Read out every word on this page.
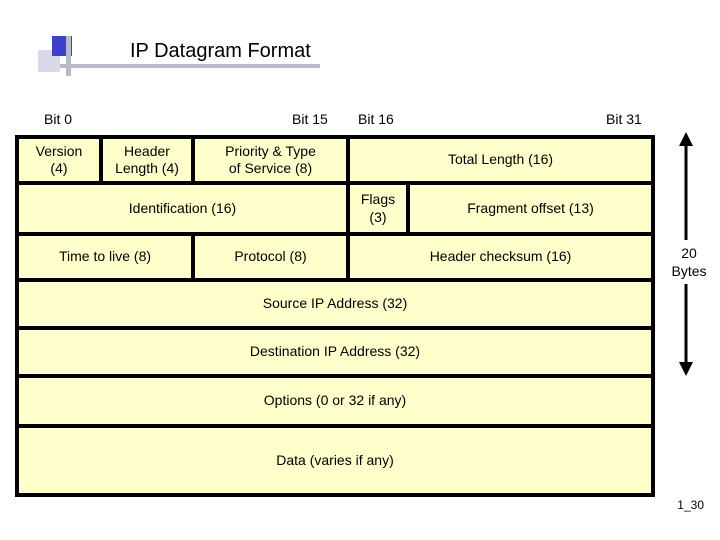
IP Datagram Format
Bit 0	Bit 15 Bit 16	Bit 31
Version
(4)
Header
Length (4)
Priority & Type
of Service (8)
Total Length (16)
Identification (16)
Flags
(3)
Fragment offset (13)
Time to live (8)	Protocol (8)	Header checksum (16)
Source IP Address (32)
Destination IP Address (32)
Options (0 or 32 if any)
Data (varies if any)
20
Bytes
1_30
